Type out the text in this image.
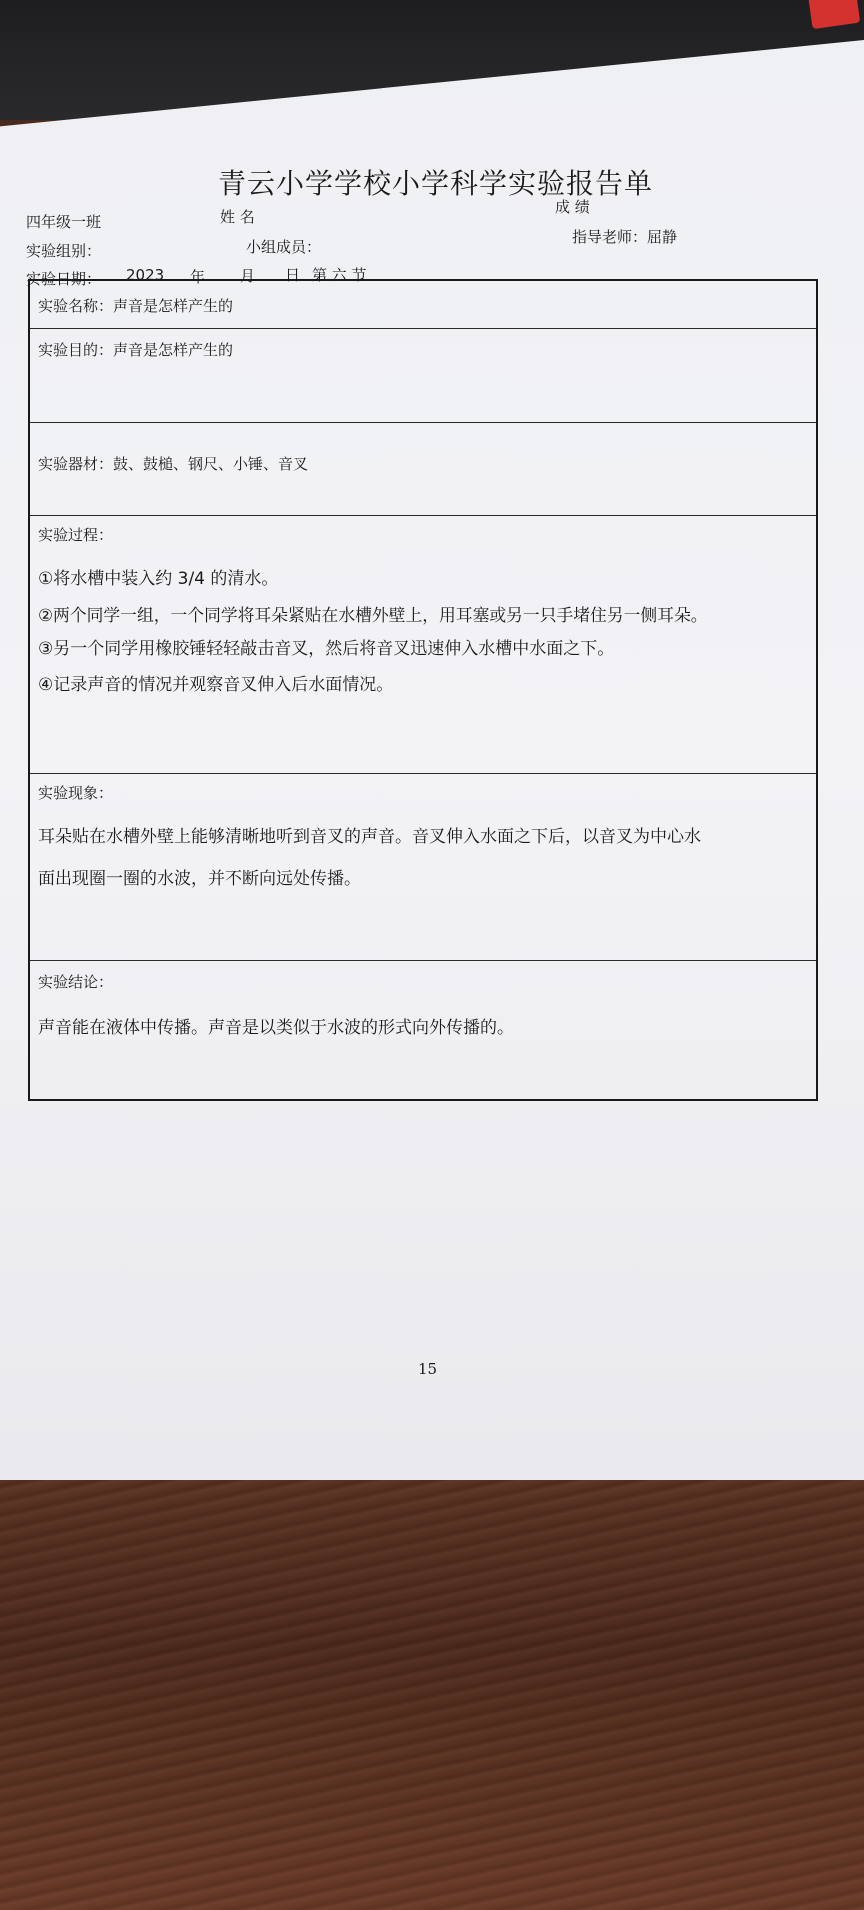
青云小学学校小学科学实验报告单
四年级一班	姓 名
成 绩
实验组别：	小组成员：
指导老师：屈静
实验日期： 2023 年 月 日 第 六 节
实验名称：声音是怎样产生的
实验目的：声音是怎样产生的
实验器材：鼓、鼓槌、钢尺、小锤、音叉
实验过程：
①将水槽中装入约 3/4 的清水。
②两个同学一组，一个同学将耳朵紧贴在水槽外壁上，用耳塞或另一只手堵住另一侧耳朵。
③另一个同学用橡胶锤轻轻敲击音叉，然后将音叉迅速伸入水槽中水面之下。
④记录声音的情况并观察音叉伸入后水面情况。
实验现象：
耳朵贴在水槽外壁上能够清晰地听到音叉的声音。音叉伸入水面之下后，以音叉为中心水
面出现圈一圈的水波，并不断向远处传播。
实验结论：
声音能在液体中传播。声音是以类似于水波的形式向外传播的。
15
